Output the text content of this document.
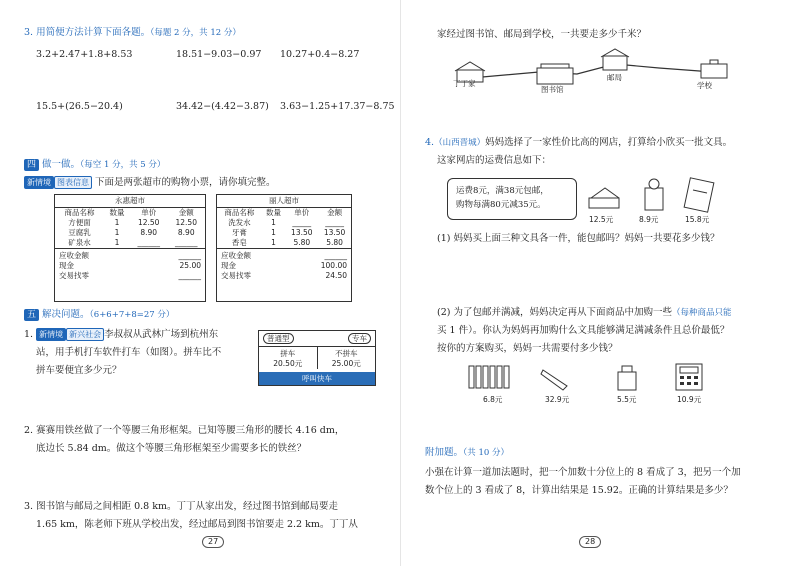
3. 用简便方法计算下面各题。（每题 2 分，共 12 分）
3.2+2.47+1.8+8.53	18.51−9.03−0.97 10.27+0.4−8.27
15.5+(26.5−20.4)	34.42−(4.42−3.87) 3.63−1.25+17.37−8.75
四 做一做。（每空 1 分，共 5 分）
新情境 图表信息 下面是两张超市的购物小票，请你填完整。
永惠超市
商品名称	数量	单价	金额
方便面	1	12.50	12.50
豆腐乳	1	8.90	8.90
矿泉水	1	______	______
应收金额	______
现金	25.00
交易找零	______
丽人超市
商品名称	数量	单价	金额
洗发水	1	_____	_____
牙膏	1	13.50	13.50
香皂	1	5.80	5.80
应收金额	______
现金	100.00
交易找零	24.50
五 解决问题。（6+6+7+8=27 分）
1. 新情境 新兴社会 李叔叔从武林广场到杭州东
站，用手机打车软件打车（如图）。拼车比不
拼车要便宜多少元？
普通型	专车
拼车
20.50元
不拼车
25.00元
呼叫快车
2. 赛赛用铁丝做了一个等腰三角形框架。已知等腰三角形的腰长 4.16 dm，
底边长 5.84 dm。做这个等腰三角形框架至少需要多长的铁丝？
3. 图书馆与邮局之间相距 0.8 km。丁丁从家出发，经过图书馆到邮局要走
1.65 km，陈老师下班从学校出发，经过邮局到图书馆要走 2.2 km。丁丁从
27
家经过图书馆、邮局到学校，一共要走多少千米？
丁丁家
图书馆
邮局
学校
4.（山西晋城）妈妈选择了一家性价比高的网店，打算给小欣买一批文具。
这家网店的运费信息如下：
运费8元，满38元包邮，
购物每满80元减35元。
12.5元	8.9元	15.8元
(1) 妈妈买上面三种文具各一件，能包邮吗？妈妈一共要花多少钱？
(2) 为了包邮并满减，妈妈决定再从下面商品中加购一些（每种商品只能
买 1 件）。你认为妈妈再加购什么文具能够满足满减条件且总价最低？
按你的方案购买，妈妈一共需要付多少钱？
6.8元	32.9元	5.5元	10.9元
附加题。（共 10 分）
小强在计算一道加法题时，把一个加数十分位上的 8 看成了 3，把另一个加
数个位上的 3 看成了 8，计算出结果是 15.92。正确的计算结果是多少？
28
